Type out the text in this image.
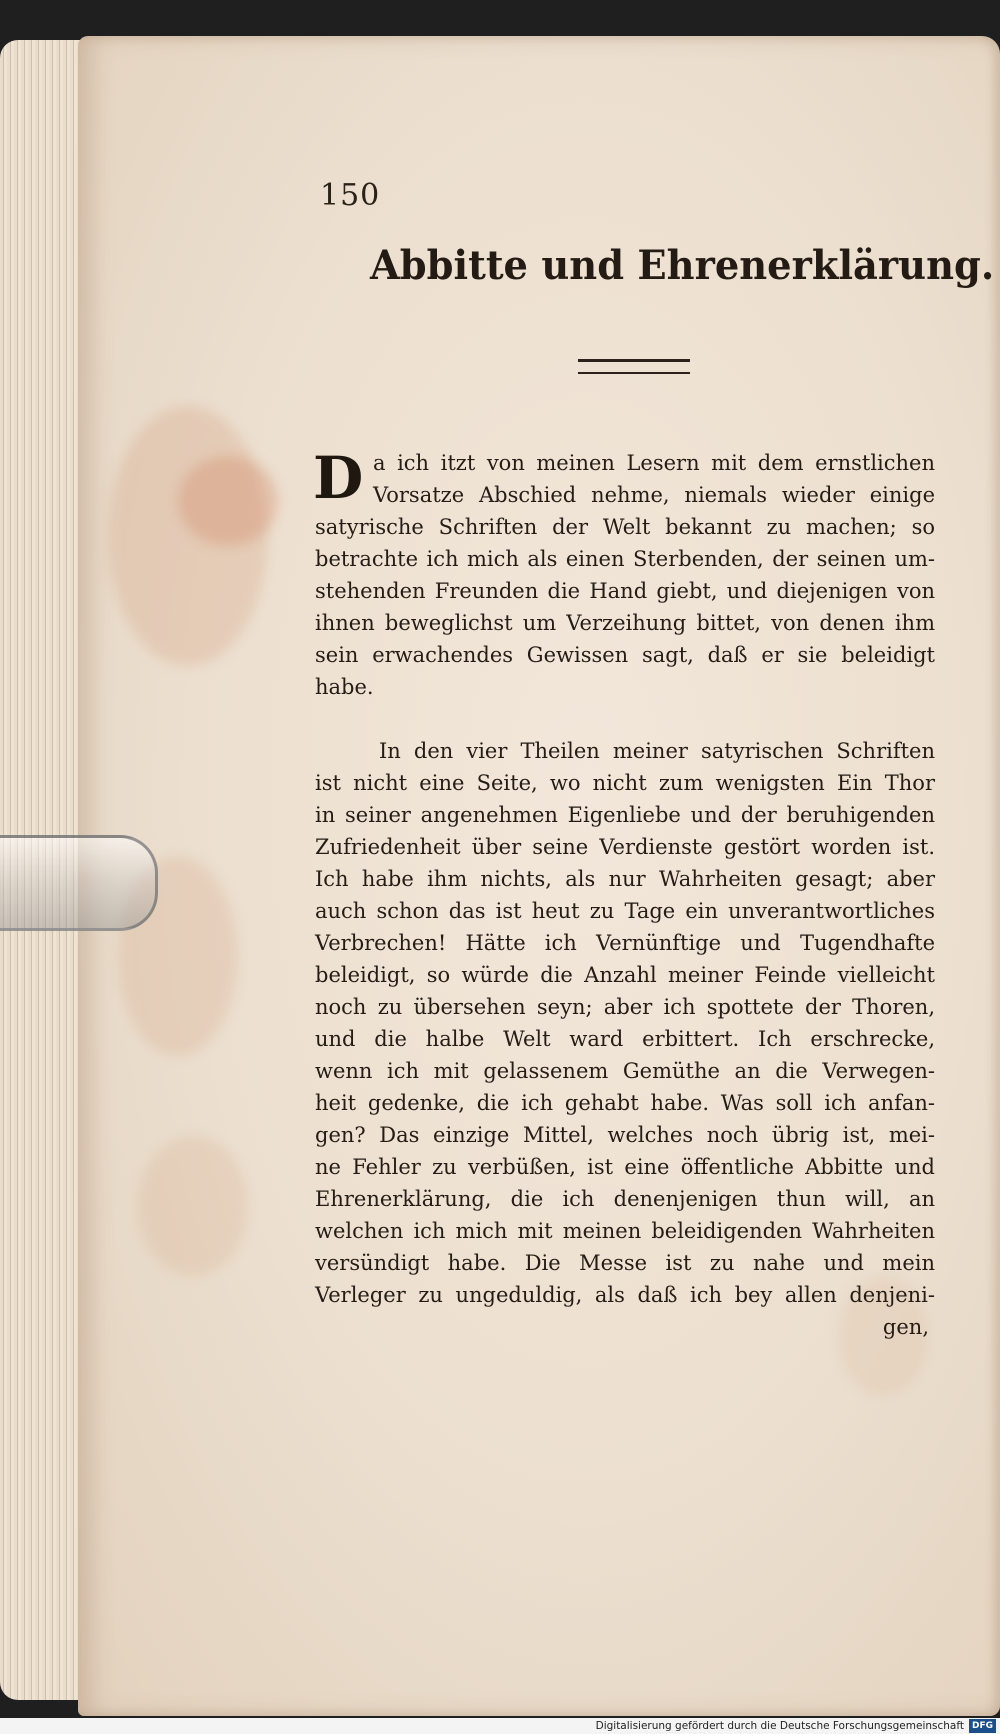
150
Abbitte und Ehrenerklärung.
D a ich itzt von meinen Lesern mit dem ernstlichen
Vorsatze Abschied nehme, niemals wieder einige
satyrische Schriften der Welt bekannt zu machen; so
betrachte ich mich als einen Sterbenden, der seinen um-
stehenden Freunden die Hand giebt, und diejenigen von
ihnen beweglichst um Verzeihung bittet, von denen ihm
sein erwachendes Gewissen sagt, daß er sie beleidigt
habe.
In den vier Theilen meiner satyrischen Schriften
ist nicht eine Seite, wo nicht zum wenigsten Ein Thor
in seiner angenehmen Eigenliebe und der beruhigenden
Zufriedenheit über seine Verdienste gestört worden ist.
Ich habe ihm nichts, als nur Wahrheiten gesagt; aber
auch schon das ist heut zu Tage ein unverantwortliches
Verbrechen! Hätte ich Vernünftige und Tugendhafte
beleidigt, so würde die Anzahl meiner Feinde vielleicht
noch zu übersehen seyn; aber ich spottete der Thoren,
und die halbe Welt ward erbittert. Ich erschrecke,
wenn ich mit gelassenem Gemüthe an die Verwegen-
heit gedenke, die ich gehabt habe. Was soll ich anfan-
gen? Das einzige Mittel, welches noch übrig ist, mei-
ne Fehler zu verbüßen, ist eine öffentliche Abbitte und
Ehrenerklärung, die ich denenjenigen thun will, an
welchen ich mich mit meinen beleidigenden Wahrheiten
versündigt habe. Die Messe ist zu nahe und mein
Verleger zu ungeduldig, als daß ich bey allen denjeni-
gen,
Digitalisierung gefördert durch die Deutsche Forschungsgemeinschaft DFG
